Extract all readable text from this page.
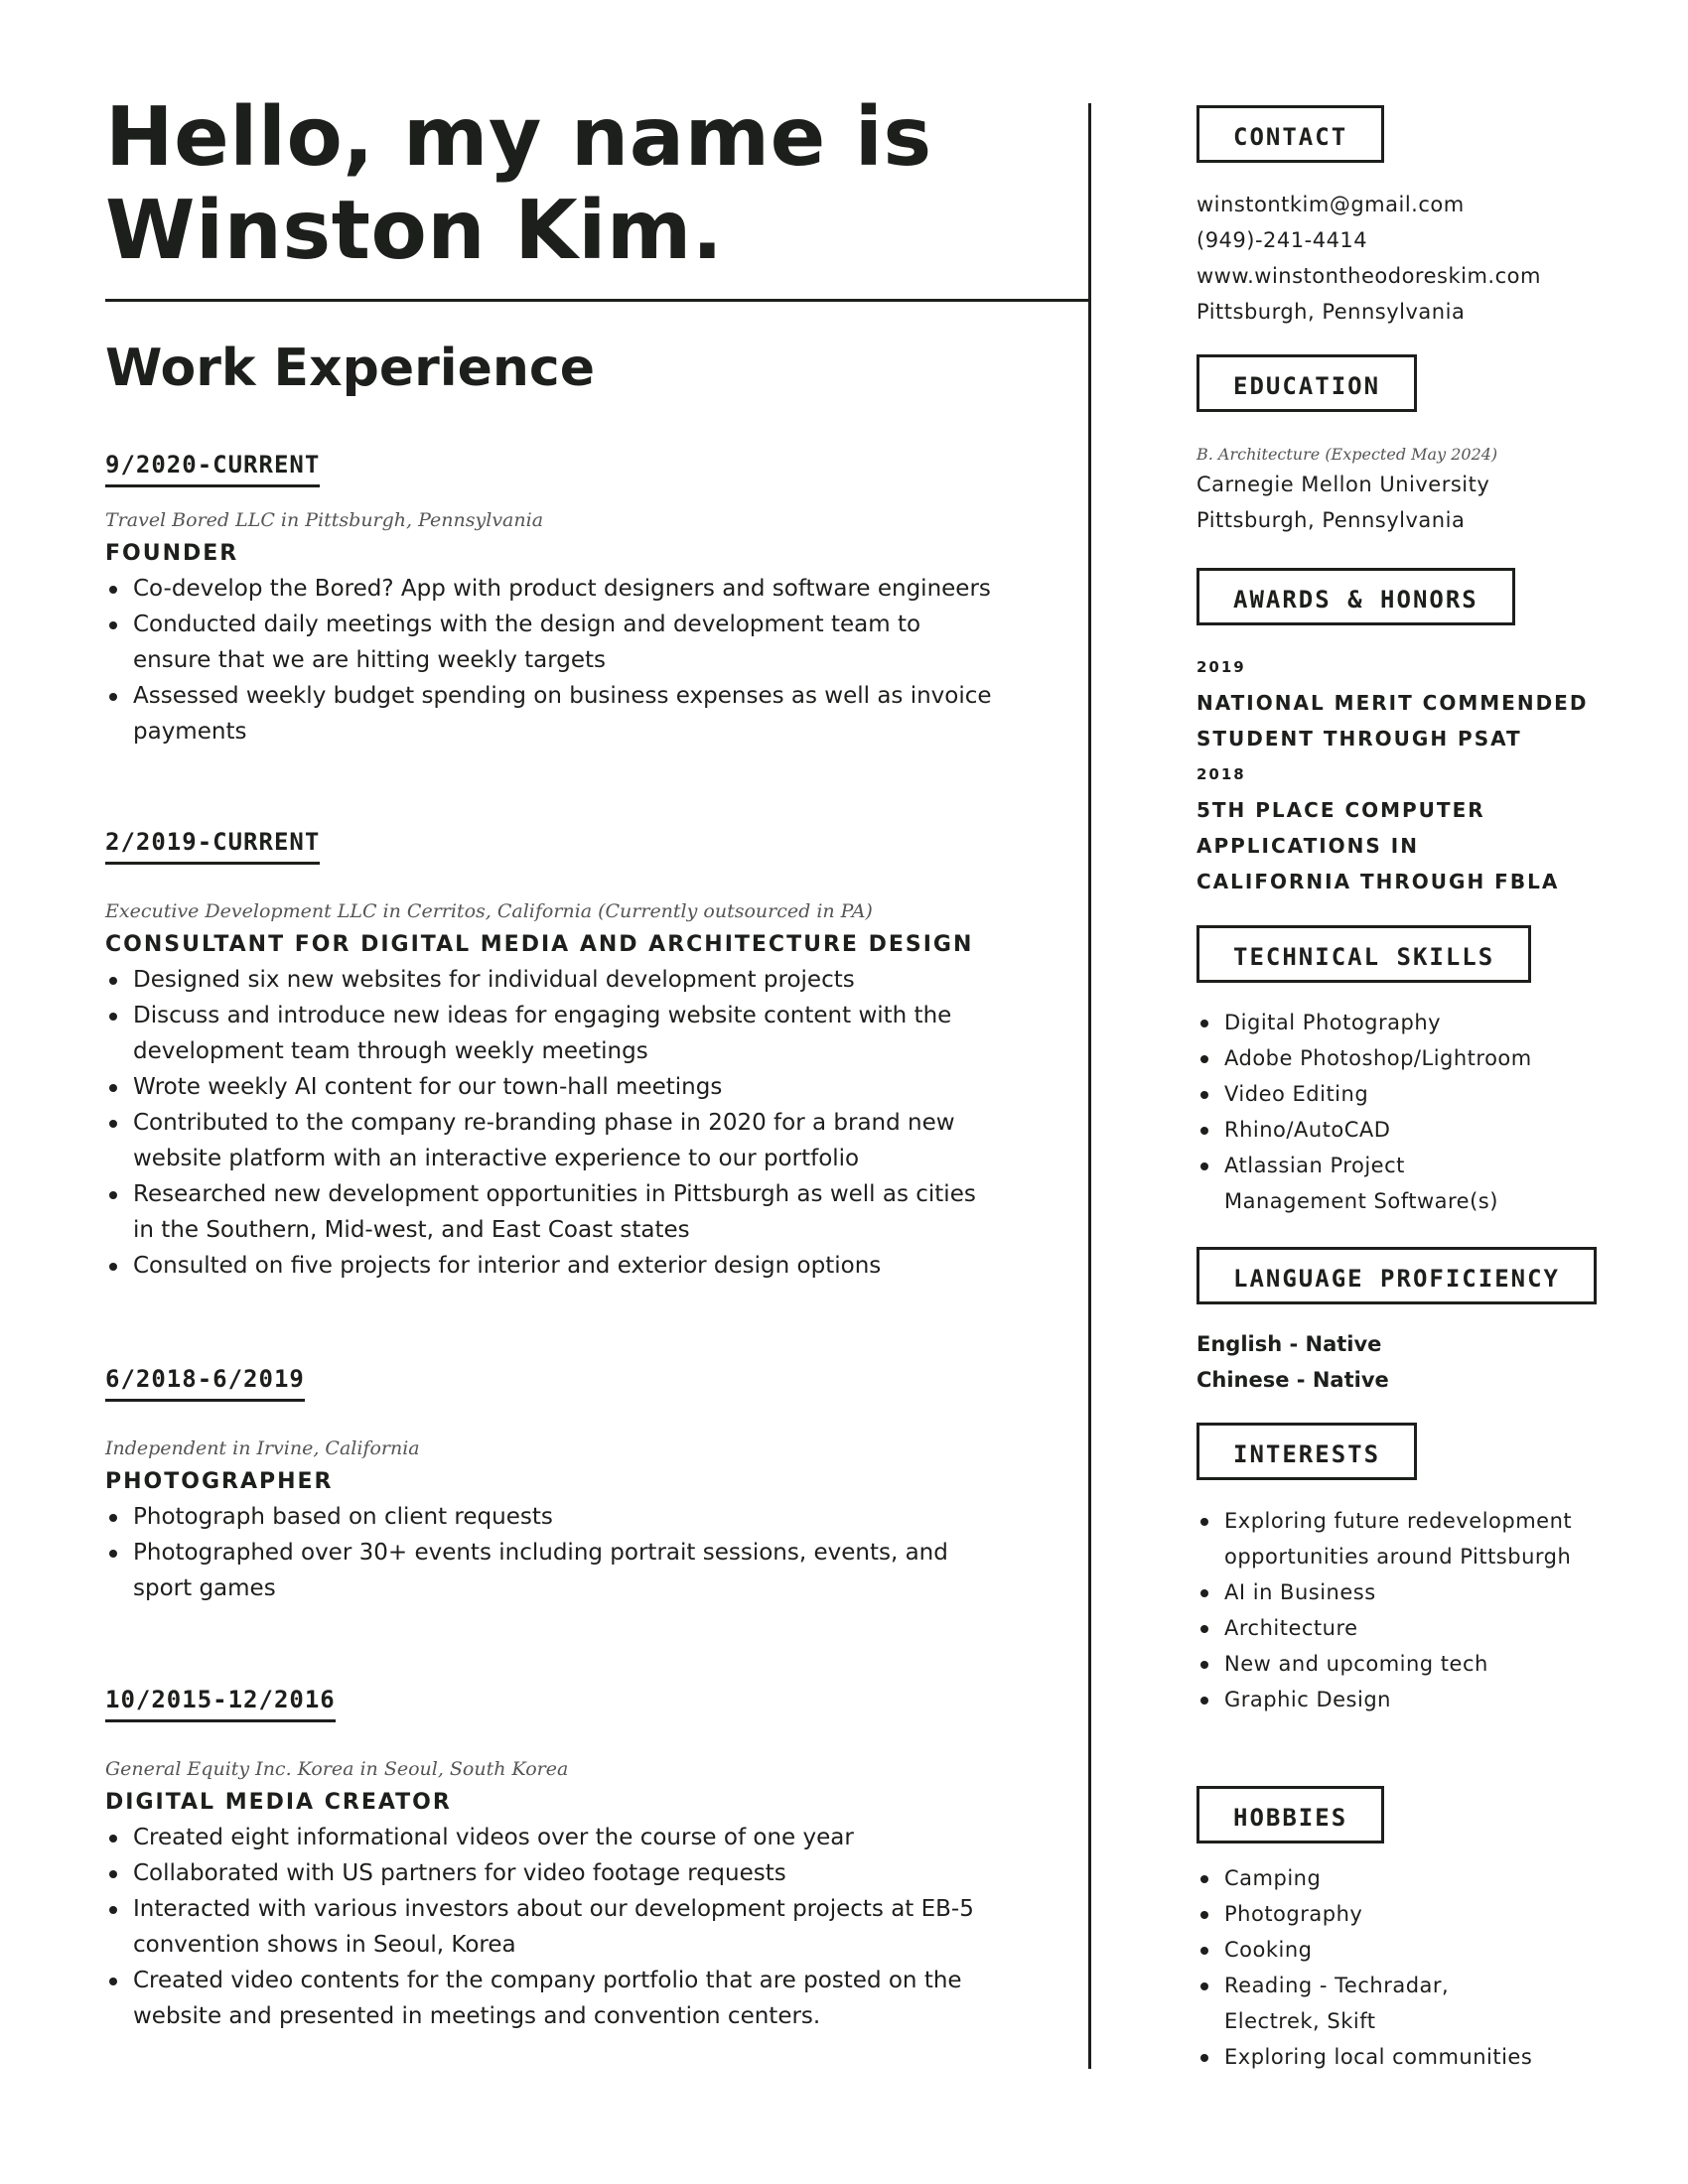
Hello, my name is
Winston Kim.
Work Experience
9/2020-CURRENT
Travel Bored LLC in Pittsburgh, Pennsylvania
FOUNDER
Co-develop the Bored? App with product designers and software engineers
Conducted daily meetings with the design and development team to ensure that we are hitting weekly targets
Assessed weekly budget spending on business expenses as well as invoice payments
2/2019-CURRENT
Executive Development LLC in Cerritos, California (Currently outsourced in PA)
CONSULTANT FOR DIGITAL MEDIA AND ARCHITECTURE DESIGN
Designed six new websites for individual development projects
Discuss and introduce new ideas for engaging website content with the development team through weekly meetings
Wrote weekly AI content for our town-hall meetings
Contributed to the company re-branding phase in 2020 for a brand new website platform with an interactive experience to our portfolio
Researched new development opportunities in Pittsburgh as well as cities in the Southern, Mid-west, and East Coast states
Consulted on five projects for interior and exterior design options
6/2018-6/2019
Independent in Irvine, California
PHOTOGRAPHER
Photograph based on client requests
Photographed over 30+ events including portrait sessions, events, and sport games
10/2015-12/2016
General Equity Inc. Korea in Seoul, South Korea
DIGITAL MEDIA CREATOR
Created eight informational videos over the course of one year
Collaborated with US partners for video footage requests
Interacted with various investors about our development projects at EB-5 convention shows in Seoul, Korea
Created video contents for the company portfolio that are posted on the website and presented in meetings and convention centers.
CONTACT
winstontkim@gmail.com
(949)-241-4414
www.winstontheodoreskim.com
Pittsburgh, Pennsylvania
EDUCATION
B. Architecture (Expected May 2024)
Carnegie Mellon University
Pittsburgh, Pennsylvania
AWARDS & HONORS
2019
NATIONAL MERIT COMMENDED
STUDENT THROUGH PSAT
2018
5TH PLACE COMPUTER
APPLICATIONS IN
CALIFORNIA THROUGH FBLA
TECHNICAL SKILLS
Digital Photography
Adobe Photoshop/Lightroom
Video Editing
Rhino/AutoCAD
Atlassian Project Management Software(s)
LANGUAGE PROFICIENCY
English - Native
Chinese - Native
INTERESTS
Exploring future redevelopment opportunities around Pittsburgh
AI in Business
Architecture
New and upcoming tech
Graphic Design
HOBBIES
Camping
Photography
Cooking
Reading - Techradar, Electrek, Skift
Exploring local communities
